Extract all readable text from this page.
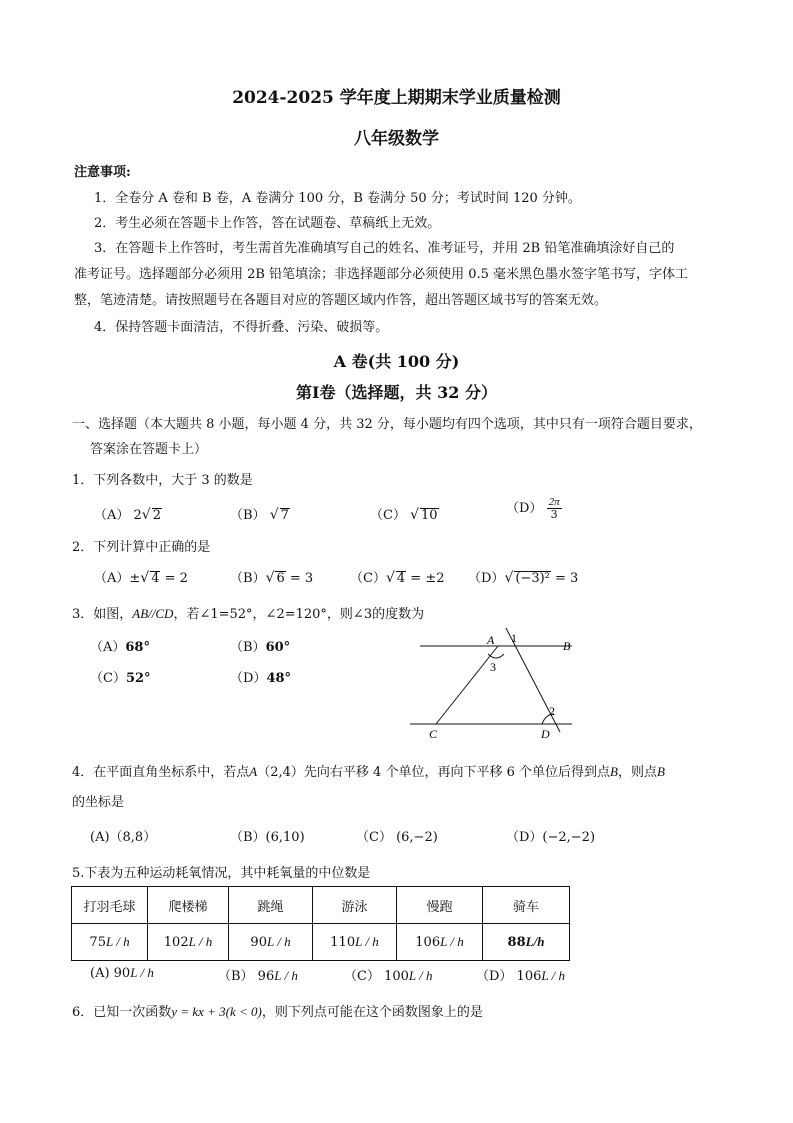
2024-2025 学年度上期期末学业质量检测
八年级数学
注意事项:
1．全卷分 A 卷和 B 卷，A 卷满分 100 分，B 卷满分 50 分；考试时间 120 分钟。
2．考生必须在答题卡上作答，答在试题卷、草稿纸上无效。
3．在答题卡上作答时，考生需首先准确填写自己的姓名、准考证号，并用 2B 铅笔准确填涂好自己的
准考证号。选择题部分必须用 2B 铅笔填涂；非选择题部分必须使用 0.5 毫米黑色墨水签字笔书写，字体工
整，笔迹清楚。请按照题号在各题目对应的答题区域内作答，超出答题区域书写的答案无效。
4．保持答题卡面清洁，不得折叠、污染、破损等。
A 卷(共 100 分)
第Ⅰ卷（选择题，共 32 分）
一、选择题（本大题共 8 小题，每小题 4 分，共 32 分，每小题均有四个选项，其中只有一项符合题目要求，
答案涂在答题卡上）
1．下列各数中，大于 3 的数是
（A） 2√ 2	（B） √ 7	（C） √ 10	$(D) \frac{2\pi}{3}$
2．下列计算中正确的是
（A）±√ 4 = 2	（B）√ 6 = 3	（C）√ 4 = ±2 （D）√ (−3)² = 3
3．如图，AB//CD，若∠1=52°，∠2=120°，则∠3的度数为
（A）68°	（B）60°
（C）52°	（D）48°
A 1
B
3
2
C	D
4．在平面直角坐标系中，若点A（2,4）先向右平移 4 个单位，再向下平移 6 个单位后得到点B，则点B
的坐标是
(A)（8,8）	（B）(6,10)	（C） (6,−2)	（D）(−2,−2)
5.下表为五种运动耗氧情况，其中耗氧量的中位数是
打羽毛球	爬楼梯	跳绳	游泳	慢跑	骑车
75L / h	102L / h	90L / h	110L / h	106L / h	88L/h
(A) 90L / h	（B） 96L / h	（C） 100L / h	（D） 106L / h
6．已知一次函数y = kx + 3(k < 0)，则下列点可能在这个函数图象上的是
